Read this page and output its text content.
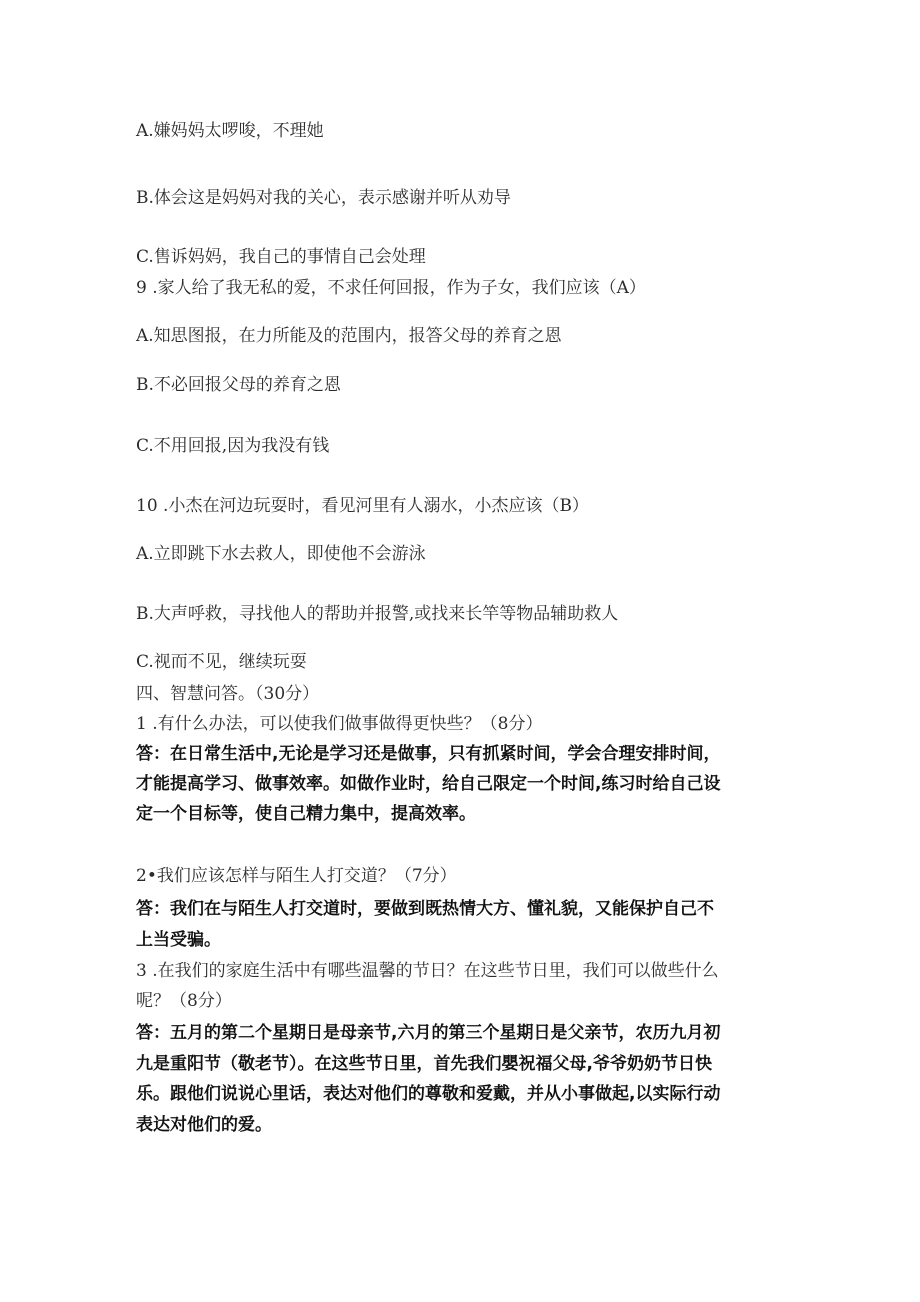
A.嫌妈妈太啰唆，不理她
B.体会这是妈妈对我的关心，表示感谢并听从劝导
C.售诉妈妈，我自己的事情自己会处理
9 .家人给了我无私的爱，不求任何回报，作为子女，我们应该（A）
A.知思图报，在力所能及的范围内，报答父母的养育之恩
B.不必回报父母的养育之恩
C.不用回报,因为我没有钱
10 .小杰在河边玩耍时，看见河里有人溺水，小杰应该（B）
A.立即跳下水去救人，即使他不会游泳
B.大声呼救，寻找他人的帮助并报警,或找来长竿等物品辅助救人
C.视而不见，继续玩耍
四、智慧问答。（30分）
1 .有什么办法，可以使我们做事做得更快些？（8分）
答：在日常生活中,无论是学习还是做事，只有抓紧时间，学会合理安排时间，
才能提高学习、做事效率。如做作业时，给自己限定一个时间,练习时给自己设
定一个目标等，使自己精力集中，提高效率。
2•我们应该怎样与陌生人打交道？（7分）
答：我们在与陌生人打交道时，要做到既热情大方、懂礼貌，又能保护自己不
上当受骗。
3 .在我们的家庭生活中有哪些温馨的节日？在这些节日里，我们可以做些什么
呢？（8分）
答：五月的第二个星期日是母亲节,六月的第三个星期日是父亲节，农历九月初
九是重阳节（敬老节）。在这些节日里，首先我们嬰祝福父母,爷爷奶奶节日快
乐。跟他们说说心里话，表达对他们的尊敬和爱戴，并从小事做起,以实际行动
表达对他们的爱。
